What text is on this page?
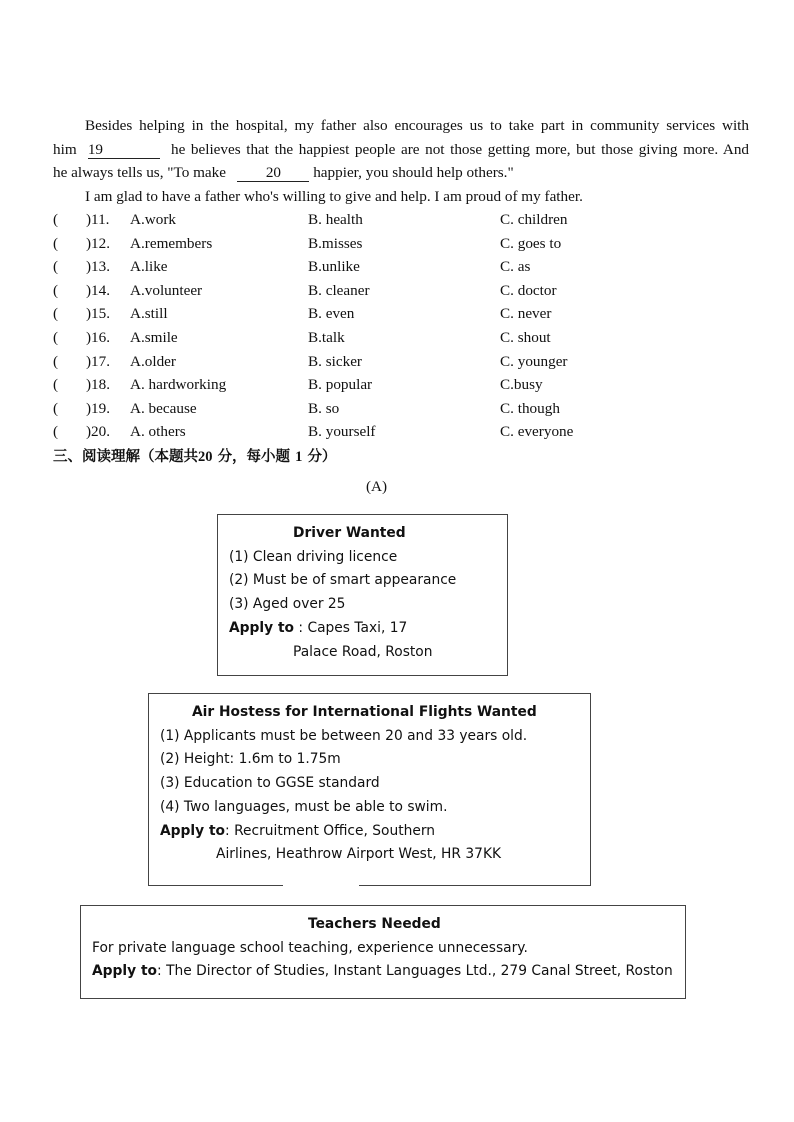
Besides helping in the hospital, my father also encourages us to take part in community services with

him 19	he believes that the happiest people are not those getting more, but those giving more. And

he always tells us, "To make	20 happier, you should help others."

I am glad to have a father who's willing to give and help. I am proud of my father.

( )11. A.work	B. health	C. children
( )12. A.remembers	B.misses	C. goes to
( )13. A.like	B.unlike	C. as
( )14. A.volunteer	B. cleaner	C. doctor
( )15. A.still	B. even	C. never
( )16. A.smile	B.talk	C. shout
( )17. A.older	B. sicker	C. younger
( )18. A. hardworking	B. popular	C.busy
( )19. A. because	B. so	C. though
( )20. A. others	B. yourself	C. everyone
三、阅读理解（本题共20 分，每小题 1 分）
(A)
Driver Wanted
(1) Clean driving licence
(2) Must be of smart appearance
(3) Aged over 25
Apply to : Capes Taxi, 17
Palace Road, Roston
Air Hostess for International Flights Wanted
(1) Applicants must be between 20 and 33 years old.
(2) Height: 1.6m to 1.75m
(3) Education to GGSE standard
(4) Two languages, must be able to swim.
Apply to: Recruitment Office, Southern
Airlines, Heathrow Airport West, HR 37KK
Teachers Needed
For private language school teaching, experience unnecessary.
Apply to: The Director of Studies, Instant Languages Ltd., 279 Canal Street, Roston
